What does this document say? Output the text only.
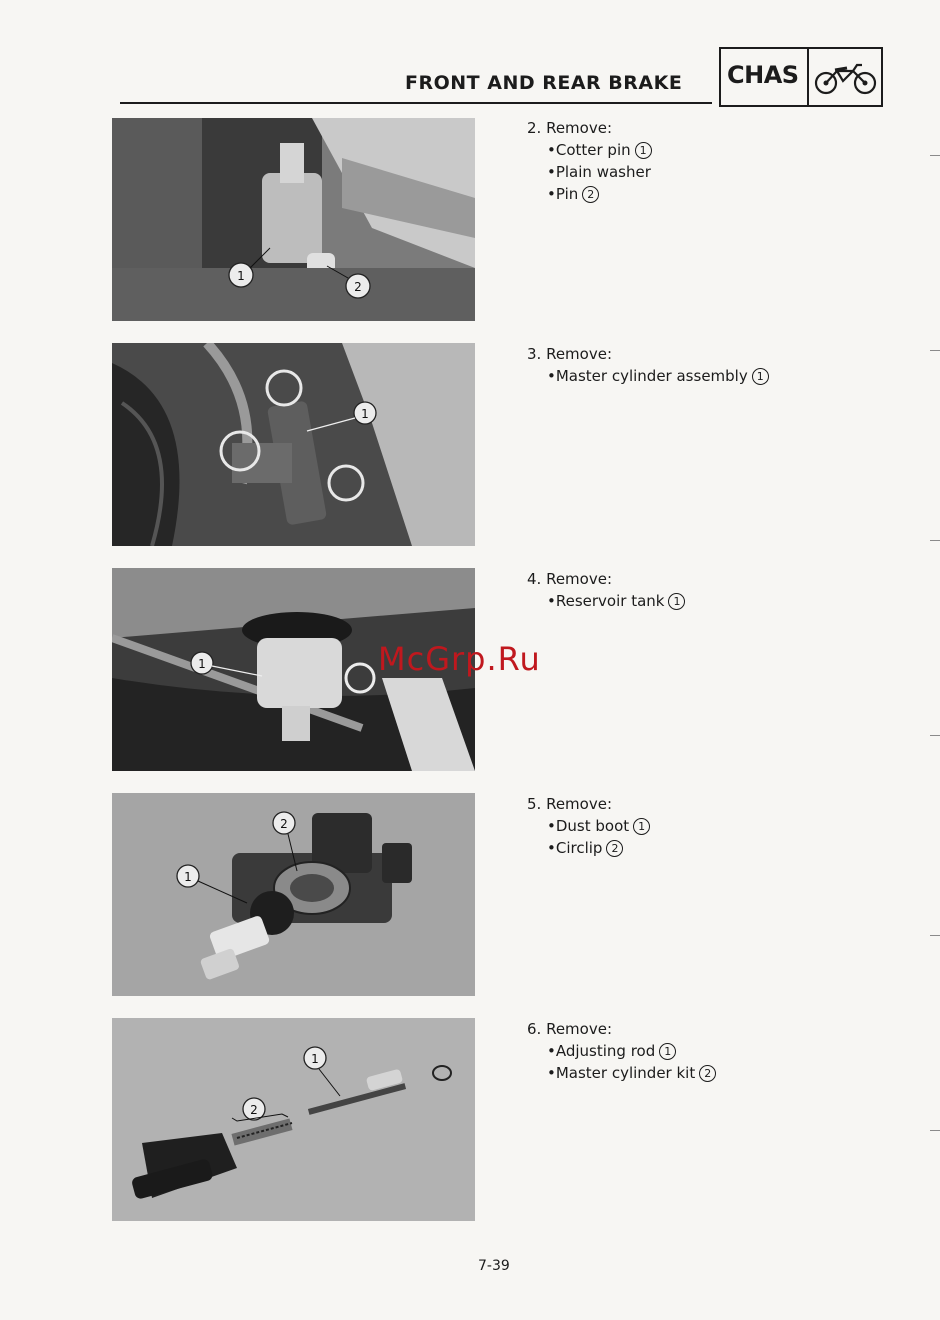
FRONT AND REAR BRAKE CHAS
1
2
1
1
2
1
1
2
2. Remove:
•Cotter pin 1
•Plain washer
•Pin 2
3. Remove:
•Master cylinder assembly 1
4. Remove:
•Reservoir tank 1
5. Remove:
•Dust boot 1
•Circlip 2
6. Remove:
•Adjusting rod 1
•Master cylinder kit 2
McGrp.Ru
7-39
